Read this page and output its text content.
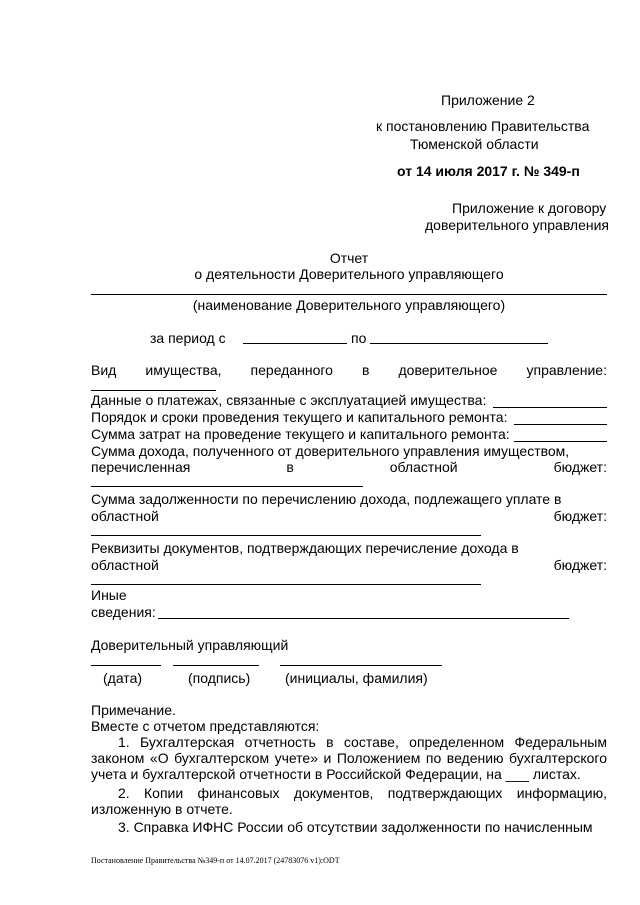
Приложение 2
к постановлению Правительства
Тюменской области
от 14 июля 2017 г. № 349-п
Приложение к договору
доверительного управления
Отчет
о деятельности Доверительного управляющего
(наименование Доверительного управляющего)
за период с	по
Вид имущества, переданного в доверительное управление:
Данные о платежах, связанные с эксплуатацией имущества:
Порядок и сроки проведения текущего и капитального ремонта:
Сумма затрат на проведение текущего и капитального ремонта:
Сумма дохода, полученного от доверительного управления имуществом,
перечисленная	в	областной	бюджет:
Сумма задолженности по перечислению дохода, подлежащего уплате в
областной	бюджет:
Реквизиты документов, подтверждающих перечисление дохода в
областной	бюджет:
Иные
сведения:
Доверительный управляющий
(дата)	(подпись) (инициалы, фамилия)
Примечание.
Вместе с отчетом представляются:
1. Бухгалтерская отчетность в составе, определенном Федеральным законом «О бухгалтерском учете» и Положением по ведению бухгалтерского учета и бухгалтерской отчетности в Российской Федерации, на ___ листах.
2. Копии финансовых документов, подтверждающих информацию, изложенную в отчете.
3. Справка ИФНС России об отсутствии задолженности по начисленным
Постановление Правительства №349-п от 14.07.2017 (24783076 v1):ODT
